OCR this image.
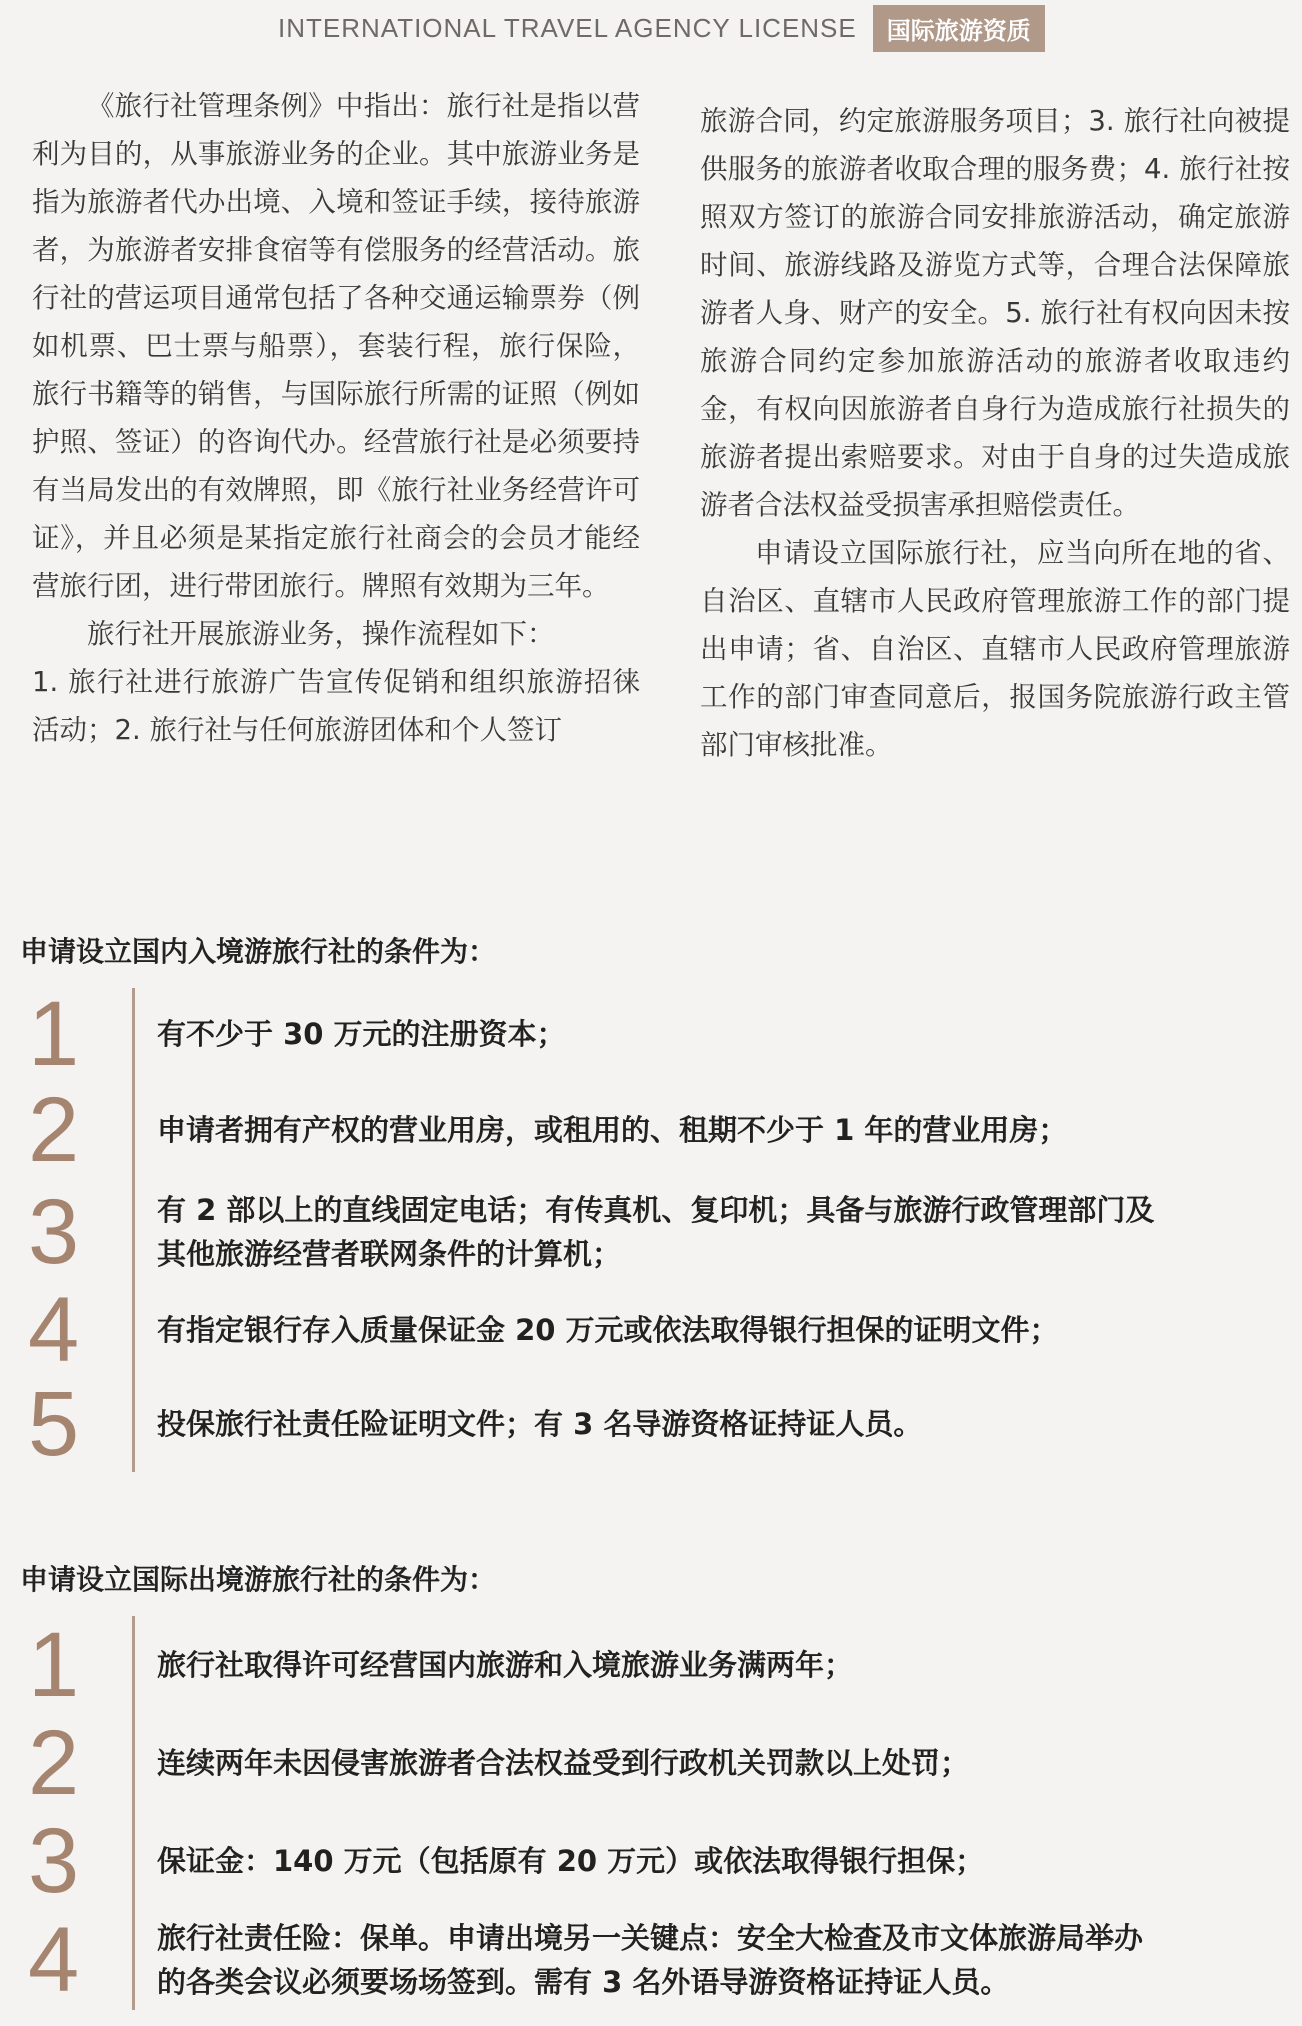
INTERNATIONAL TRAVEL AGENCY LICENSE	国际旅游资质

《旅行社管理条例》中指出：旅行社是指以营利为目的，从事旅游业务的企业。其中旅游业务是指为旅游者代办出境、入境和签证手续，接待旅游者，为旅游者安排食宿等有偿服务的经营活动。旅行社的营运项目通常包括了各种交通运输票券（例如机票、巴士票与船票），套装行程，旅行保险，旅行书籍等的销售，与国际旅行所需的证照（例如护照、签证）的咨询代办。经营旅行社是必须要持有当局发出的有效牌照，即《旅行社业务经营许可证》，并且必须是某指定旅行社商会的会员才能经营旅行团，进行带团旅行。牌照有效期为三年。

旅行社开展旅游业务，操作流程如下：

1. 旅行社进行旅游广告宣传促销和组织旅游招徕活动；2. 旅行社与任何旅游团体和个人签订

旅游合同，约定旅游服务项目；3. 旅行社向被提供服务的旅游者收取合理的服务费；4. 旅行社按照双方签订的旅游合同安排旅游活动，确定旅游时间、旅游线路及游览方式等，合理合法保障旅游者人身、财产的安全。5. 旅行社有权向因未按旅游合同约定参加旅游活动的旅游者收取违约金，有权向因旅游者自身行为造成旅行社损失的旅游者提出索赔要求。对由于自身的过失造成旅游者合法权益受损害承担赔偿责任。

申请设立国际旅行社，应当向所在地的省、自治区、直辖市人民政府管理旅游工作的部门提出申请；省、自治区、直辖市人民政府管理旅游工作的部门审查同意后，报国务院旅游行政主管部门审核批准。

申请设立国内入境游旅行社的条件为：
1	有不少于 30 万元的注册资本；
2	申请者拥有产权的营业用房，或租用的、租期不少于 1 年的营业用房；
3	有 2 部以上的直线固定电话；有传真机、复印机；具备与旅游行政管理部门及其他旅游经营者联网条件的计算机；
4	有指定银行存入质量保证金 20 万元或依法取得银行担保的证明文件；
5	投保旅行社责任险证明文件；有 3 名导游资格证持证人员。
申请设立国际出境游旅行社的条件为：
1	旅行社取得许可经营国内旅游和入境旅游业务满两年；
2	连续两年未因侵害旅游者合法权益受到行政机关罚款以上处罚；
3	保证金：140 万元（包括原有 20 万元）或依法取得银行担保；
4	旅行社责任险：保单。申请出境另一关键点：安全大检查及市文体旅游局举办的各类会议必须要场场签到。需有 3 名外语导游资格证持证人员。
